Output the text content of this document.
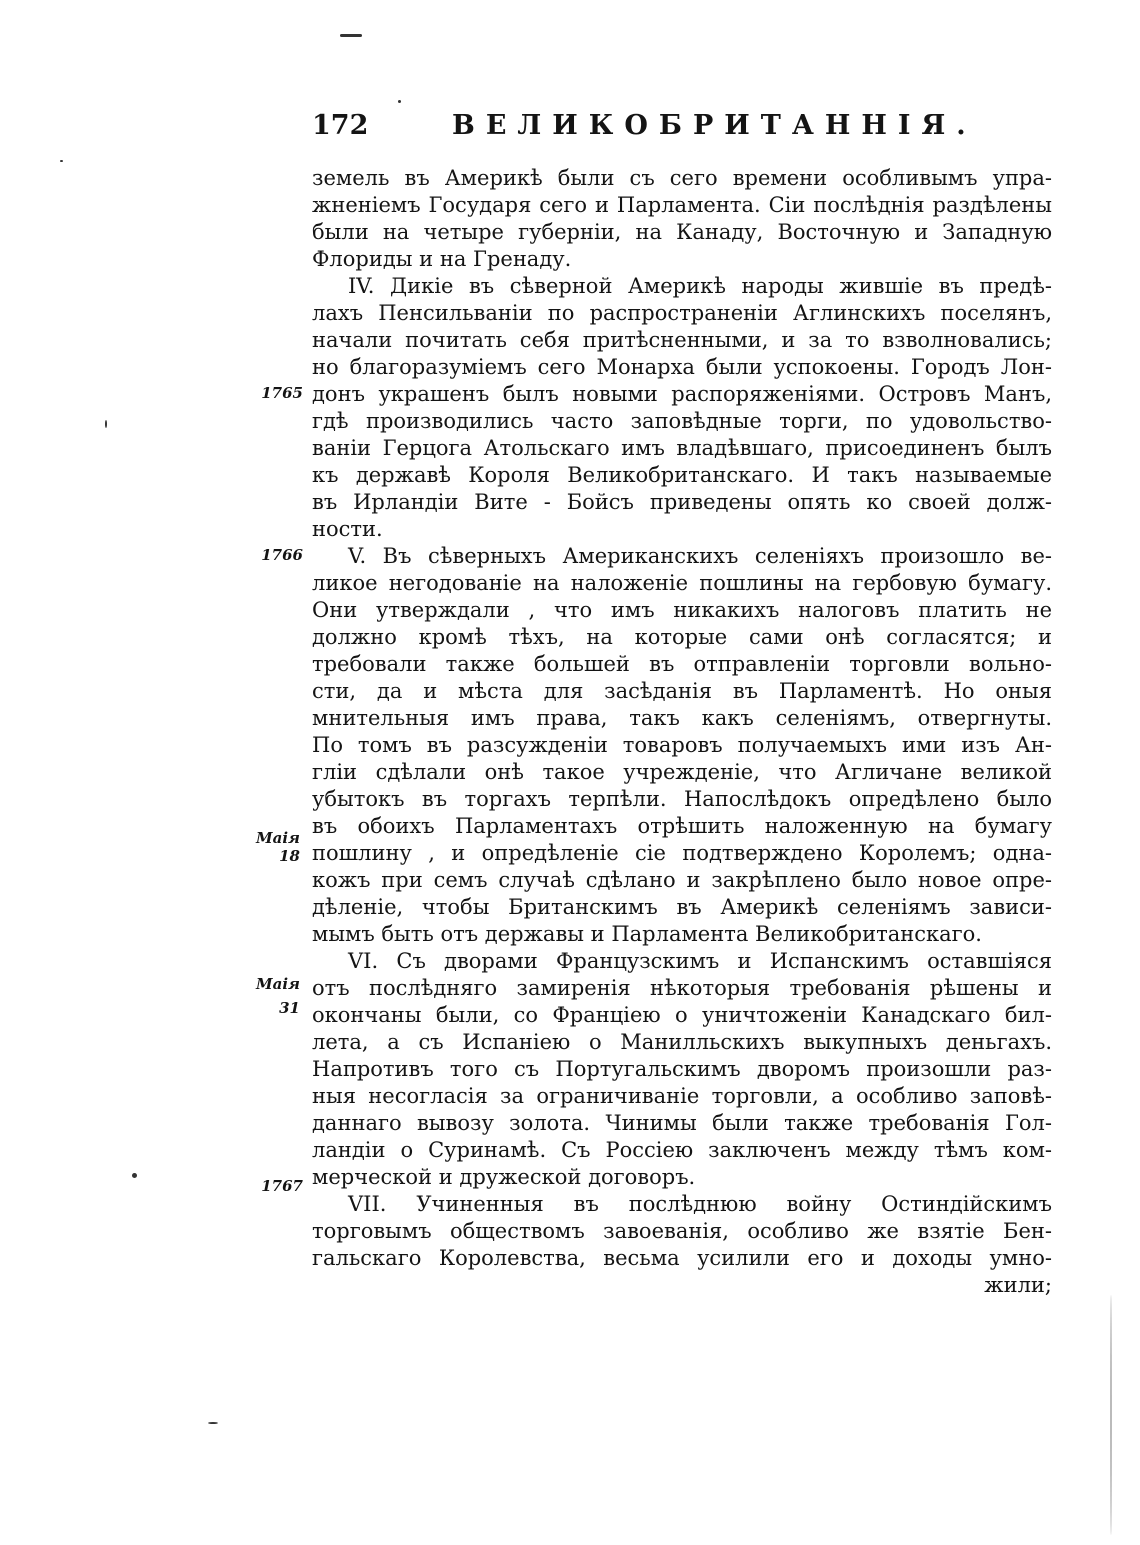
172	ВЕЛИКОБРИТАННІЯ.
земель въ Америкѣ были съ сего времени особливымъ упра-
жненіемъ Государя сего и Парламента. Сіи послѣднія раздѣлены
были на четыре губерніи, на Канаду, Восточную и Западную
Флориды и на Гренаду.
IV. Дикіе въ сѣверной Америкѣ народы жившіе въ предѣ-
лахъ Пенсильваніи по распространеніи Аглинскихъ поселянъ,
начали почитать себя притѣсненными, и за то взволновались;
но благоразуміемъ сего Монарха были успокоены. Городъ Лон-
донъ украшенъ былъ новыми распоряженіями. Островъ Манъ,
гдѣ производились часто заповѣдные торги, по удовольство-
ваніи Герцога Атольскаго имъ владѣвшаго, присоединенъ былъ
къ державѣ Короля Великобританскаго. И такъ называемые
въ Ирландіи Вите - Бойсъ приведены опять ко своей долж-
ности.
V. Въ сѣверныхъ Американскихъ селеніяхъ произошло ве-
ликое негодованіе на наложеніе пошлины на гербовую бумагу.
Они утверждали , что имъ никакихъ налоговъ платить не
должно кромѣ тѣхъ, на которые сами онѣ согласятся; и
требовали также большей въ отправленіи торговли вольно-
сти, да и мѣста для засѣданія въ Парламентѣ. Но оныя
мнительныя имъ права, такъ какъ селеніямъ, отвергнуты.
По томъ въ разсужденіи товаровъ получаемыхъ ими изъ Ан-
гліи сдѣлали онѣ такое учрежденіе, что Агличане великой
убытокъ въ торгахъ терпѣли. Напослѣдокъ опредѣлено было
въ обоихъ Парламентахъ отрѣшить наложенную на бумагу
пошлину , и опредѣленіе сіе подтверждено Королемъ; одна-
кожъ при семъ случаѣ сдѣлано и закрѣплено было новое опре-
дѣленіе, чтобы Британскимъ въ Америкѣ селеніямъ зависи-
мымъ быть отъ державы и Парламента Великобританскаго.
VI. Съ дворами Французскимъ и Испанскимъ оставшіяся
отъ послѣдняго замиренія нѣкоторыя требованія рѣшены и
окончаны были, со Франціею о уничтоженіи Канадскаго бил-
летa, а съ Испаніею о Манилльскихъ выкупныхъ деньгахъ.
Напротивъ того съ Португальскимъ дворомъ произошли раз-
ныя несогласія за ограничиваніе торговли, а особливо заповѣ-
даннаго вывозу золота. Чинимы были также требованія Гол-
ландіи о Суринамѣ. Съ Россіею заключенъ между тѣмъ ком-
мерческой и дружеской договоръ.
VII. Учиненныя въ послѣднюю войну Остиндійскимъ
торговымъ обществомъ завоеванія, особливо же взятіе Бен-
гальскаго Королевства, весьма усилили его и доходы умно-
жили;
1765
1766
Маія
18
Маія
31
1767
